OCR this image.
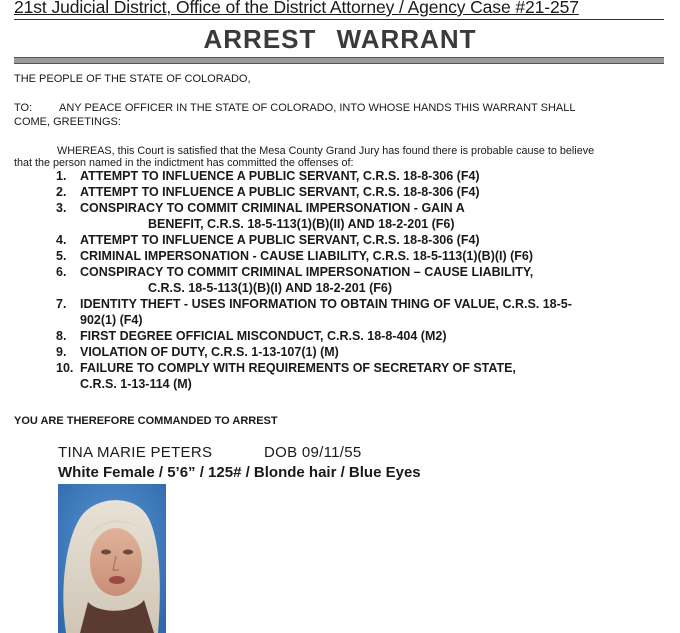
21st Judicial District, Office of the District Attorney / Agency Case #21-257
ARREST WARRANT
THE PEOPLE OF THE STATE OF COLORADO,
TO: ANY PEACE OFFICER IN THE STATE OF COLORADO, INTO WHOSE HANDS THIS WARRANT SHALL
COME, GREETINGS:
WHEREAS, this Court is satisfied that the Mesa County Grand Jury has found there is probable cause to believe
that the person named in the indictment has committed the offenses of:
1. ATTEMPT TO INFLUENCE A PUBLIC SERVANT, C.R.S. 18-8-306 (F4)
2. ATTEMPT TO INFLUENCE A PUBLIC SERVANT, C.R.S. 18-8-306 (F4)
3. CONSPIRACY TO COMMIT CRIMINAL IMPERSONATION - GAIN A
BENEFIT, C.R.S. 18-5-113(1)(B)(II) AND 18-2-201 (F6)
4. ATTEMPT TO INFLUENCE A PUBLIC SERVANT, C.R.S. 18-8-306 (F4)
5. CRIMINAL IMPERSONATION - CAUSE LIABILITY, C.R.S. 18-5-113(1)(B)(I) (F6)
6. CONSPIRACY TO COMMIT CRIMINAL IMPERSONATION – CAUSE LIABILITY,
C.R.S. 18-5-113(1)(B)(I) AND 18-2-201 (F6)
7. IDENTITY THEFT - USES INFORMATION TO OBTAIN THING OF VALUE, C.R.S. 18-5-
902(1) (F4)
8. FIRST DEGREE OFFICIAL MISCONDUCT, C.R.S. 18-8-404 (M2)
9. VIOLATION OF DUTY, C.R.S. 1-13-107(1) (M)
10. FAILURE TO COMPLY WITH REQUIREMENTS OF SECRETARY OF STATE,
C.R.S. 1-13-114 (M)
YOU ARE THEREFORE COMMANDED TO ARREST
TINA MARIE PETERS	DOB 09/11/55
White Female / 5’6” / 125# / Blonde hair / Blue Eyes
